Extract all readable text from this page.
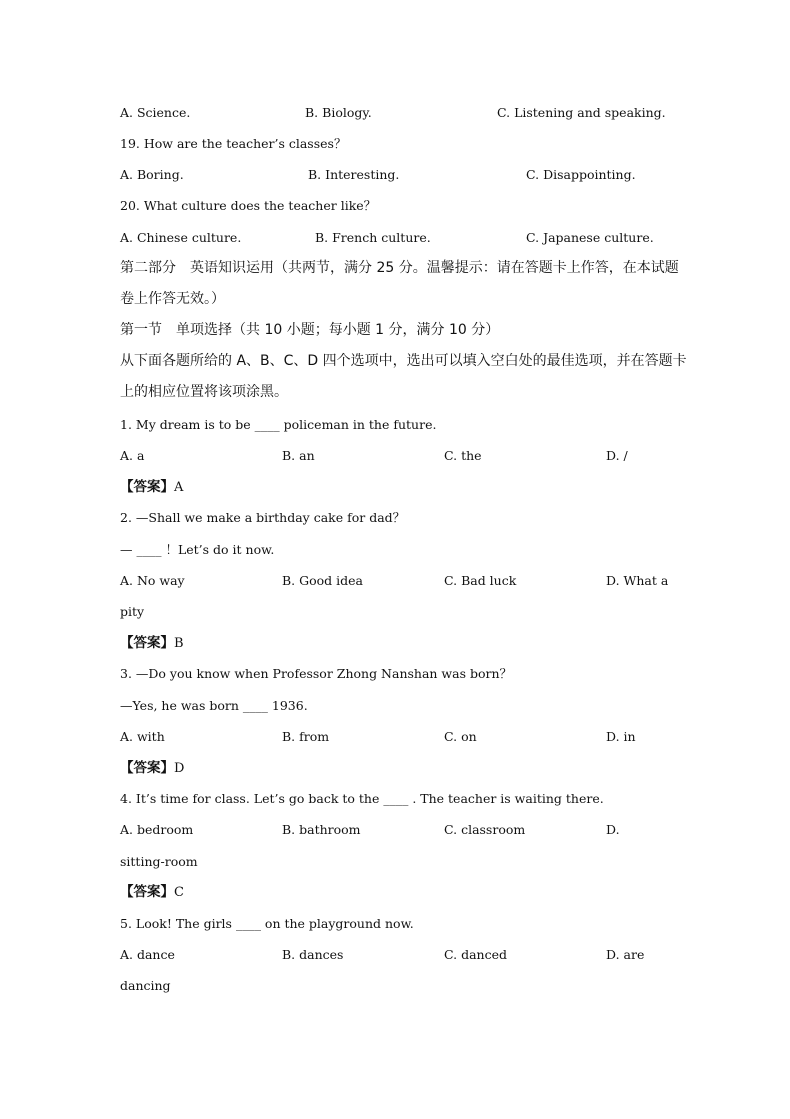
A. Science.	B. Biology.	C. Listening and speaking.
19. How are the teacher’s classes？
A. Boring.	B. Interesting.	C. Disappointing.
20. What culture does the teacher like？
A. Chinese culture.	B. French culture.	C. Japanese culture.
第二部分　英语知识运用（共两节，满分 25 分。温馨提示：请在答题卡上作答，在本试题
卷上作答无效。）
第一节　单项选择（共 10 小题；每小题 1 分，满分 10 分）
从下面各题所给的 A、B、C、D 四个选项中，选出可以填入空白处的最佳选项，并在答题卡
上的相应位置将该项涂黑。
1. My dream is to be ____ policeman in the future.
A. a	B. an	C. the	D. /
【答案】A
2. —Shall we make a birthday cake for dad？
— ____ ！Let’s do it now.
A. No way	B. Good idea	C. Bad luck	D. What a
pity
【答案】B
3. —Do you know when Professor Zhong Nanshan was born？
—Yes, he was born ____ 1936.
A. with	B. from	C. on	D. in
【答案】D
4. It’s time for class. Let’s go back to the ____ . The teacher is waiting there.
A. bedroom	B. bathroom	C. classroom	D.
sitting-room
【答案】C
5. Look! The girls ____ on the playground now.
A. dance	B. dances	C. danced	D. are
dancing
